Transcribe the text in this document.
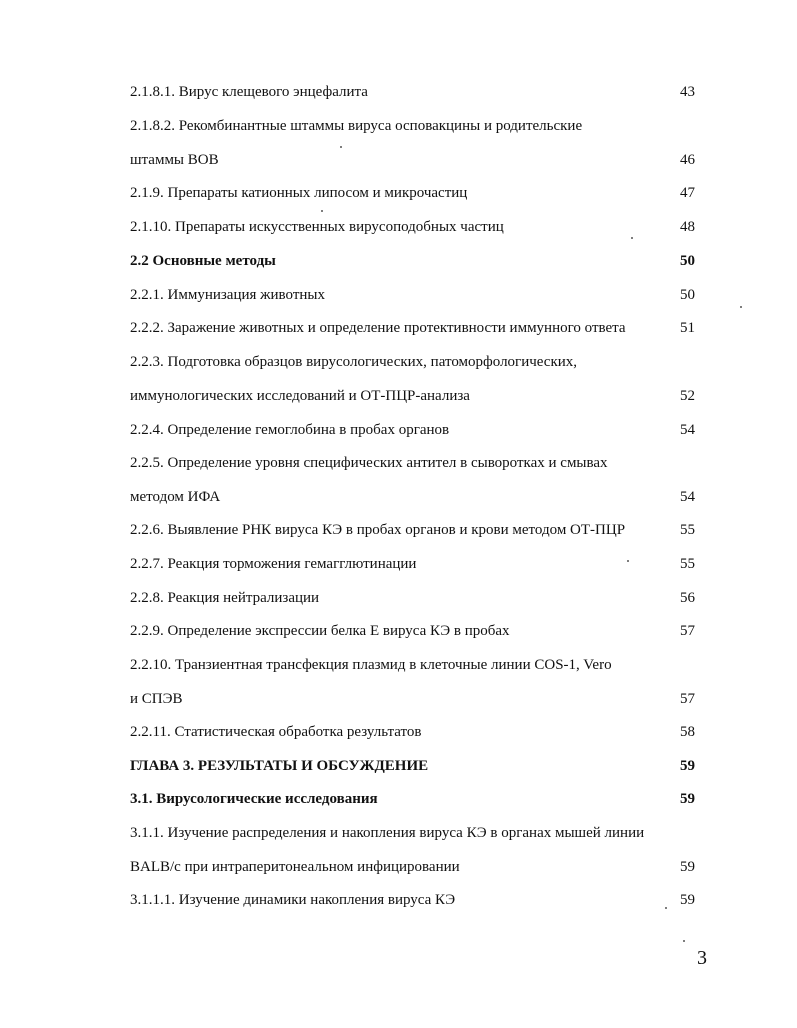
2.1.8.1. Вирус клещевого энцефалита	43
2.1.8.2. Рекомбинантные штаммы вируса осповакцины и родительские
штаммы ВОВ	46
2.1.9. Препараты катионных липосом и микрочастиц	47
2.1.10. Препараты искусственных вирусоподобных частиц	48
2.2 Основные методы	50
2.2.1. Иммунизация животных	50
2.2.2. Заражение животных и определение протективности иммунного ответа	51
2.2.3. Подготовка образцов вирусологических, патоморфологических,
иммунологических исследований и ОТ-ПЦР-анализа	52
2.2.4. Определение гемоглобина в пробах органов	54
2.2.5. Определение уровня специфических антител в сыворотках и смывах
методом ИФА	54
2.2.6. Выявление РНК вируса КЭ в пробах органов и крови методом ОТ-ПЦР	55
2.2.7. Реакция торможения гемагглютинации	55
2.2.8. Реакция нейтрализации	56
2.2.9. Определение экспрессии белка Е вируса КЭ в пробах	57
2.2.10. Транзиентная трансфекция плазмид в клеточные линии COS-1, Vero
и СПЭВ	57
2.2.11. Статистическая обработка результатов	58
ГЛАВА 3. РЕЗУЛЬТАТЫ И ОБСУЖДЕНИЕ	59
3.1. Вирусологические исследования	59
3.1.1. Изучение распределения и накопления вируса КЭ в органах мышей линии
BALB/c при интраперитонеальном инфицировании	59
3.1.1.1. Изучение динамики накопления вируса КЭ	59
3
